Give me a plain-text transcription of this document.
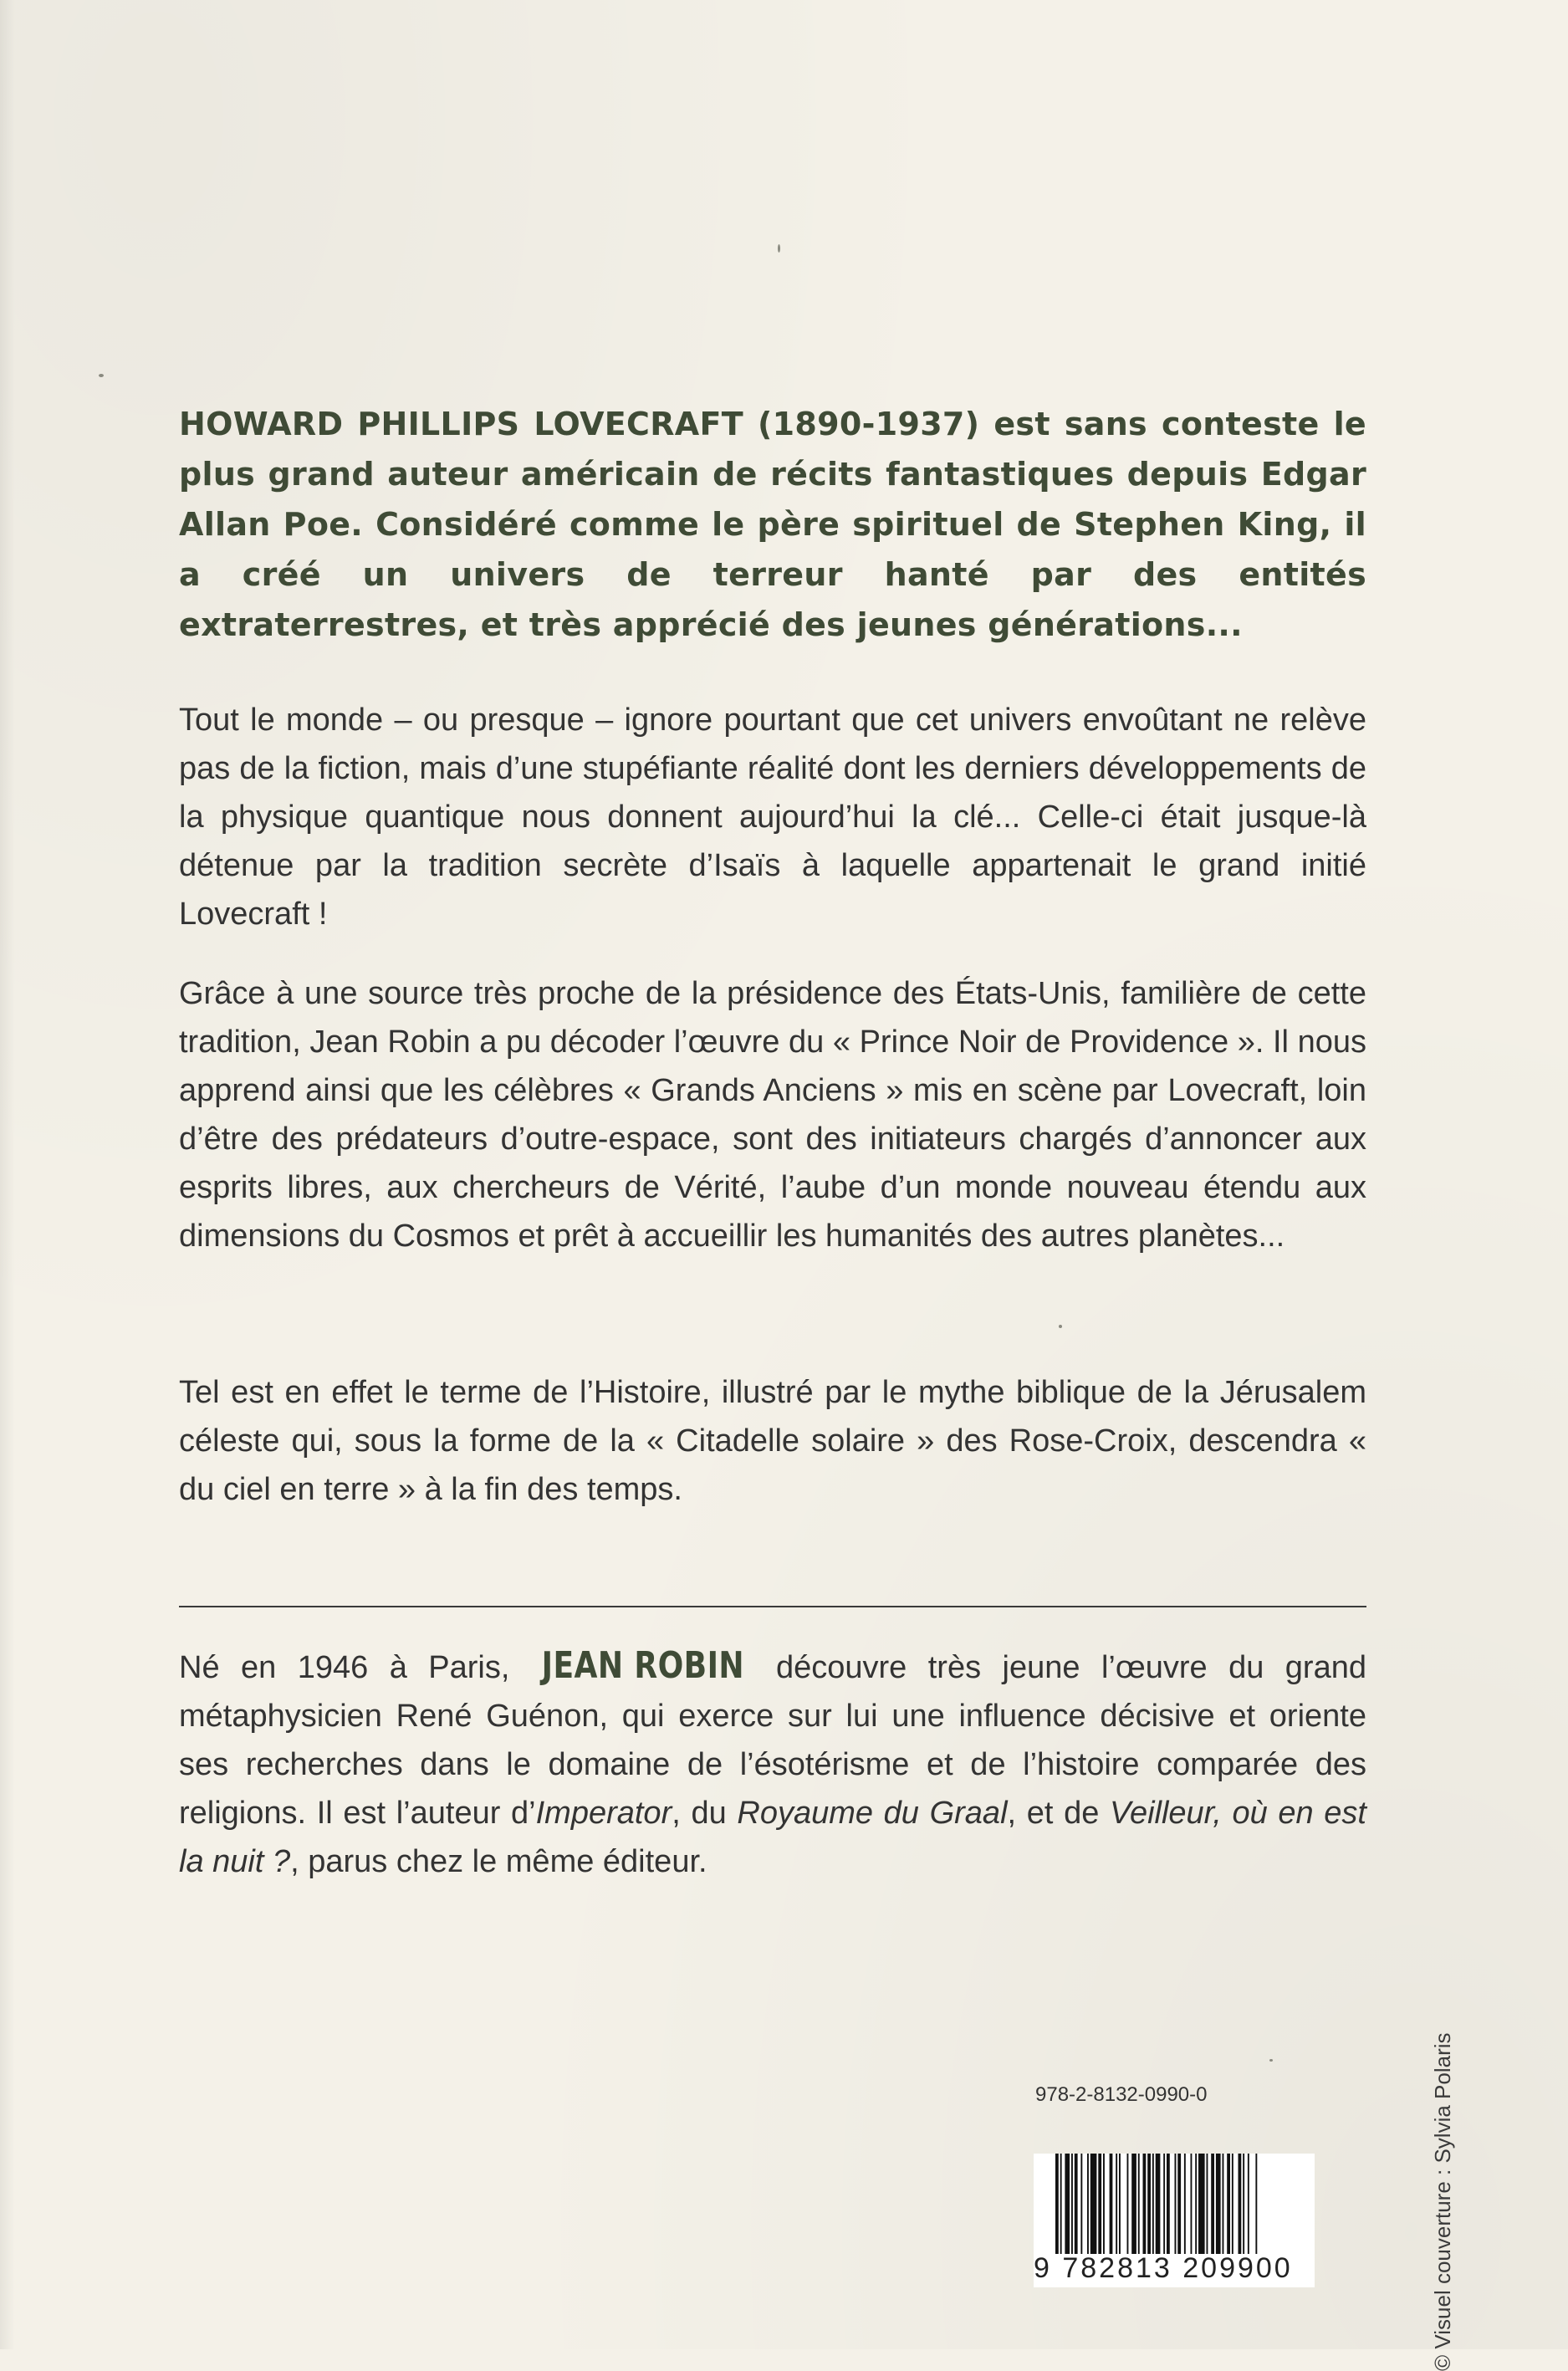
HOWARD PHILLIPS LOVECRAFT (1890-1937) est sans conteste le plus grand auteur américain de récits fantastiques depuis Edgar Allan Poe. Considéré comme le père spirituel de Stephen King, il a créé un univers de terreur hanté par des entités extraterrestres, et très apprécié des jeunes générations...

Tout le monde – ou presque – ignore pourtant que cet univers envoûtant ne relève pas de la fiction, mais d’une stupéfiante réalité dont les derniers développements de la physique quantique nous donnent aujourd’hui la clé... Celle-ci était jusque-là détenue par la tradition secrète d’Isaïs à laquelle appartenait le grand initié Lovecraft !

Grâce à une source très proche de la présidence des États-Unis, familière de cette tradition, Jean Robin a pu décoder l’œuvre du « Prince Noir de Providence ». Il nous apprend ainsi que les célèbres « Grands Anciens » mis en scène par Lovecraft, loin d’être des prédateurs d’outre-espace, sont des initiateurs chargés d’annoncer aux esprits libres, aux chercheurs de Vérité, l’aube d’un monde nouveau étendu aux dimensions du Cosmos et prêt à accueillir les humanités des autres planètes...

Tel est en effet le terme de l’Histoire, illustré par le mythe biblique de la Jérusalem céleste qui, sous la forme de la « Citadelle solaire » des Rose-Croix, descendra « du ciel en terre » à la fin des temps.

Né en 1946 à Paris, JEAN ROBIN découvre très jeune l’œuvre du grand métaphysicien René Guénon, qui exerce sur lui une influence décisive et oriente ses recherches dans le domaine de l’ésotérisme et de l’histoire comparée des religions. Il est l’auteur d’Imperator, du Royaume du Graal, et de Veilleur, où en est la nuit ?, parus chez le même éditeur.

© Visuel couverture : Sylvia Polaris
978-2-8132-0990-0
9 782813 209900
